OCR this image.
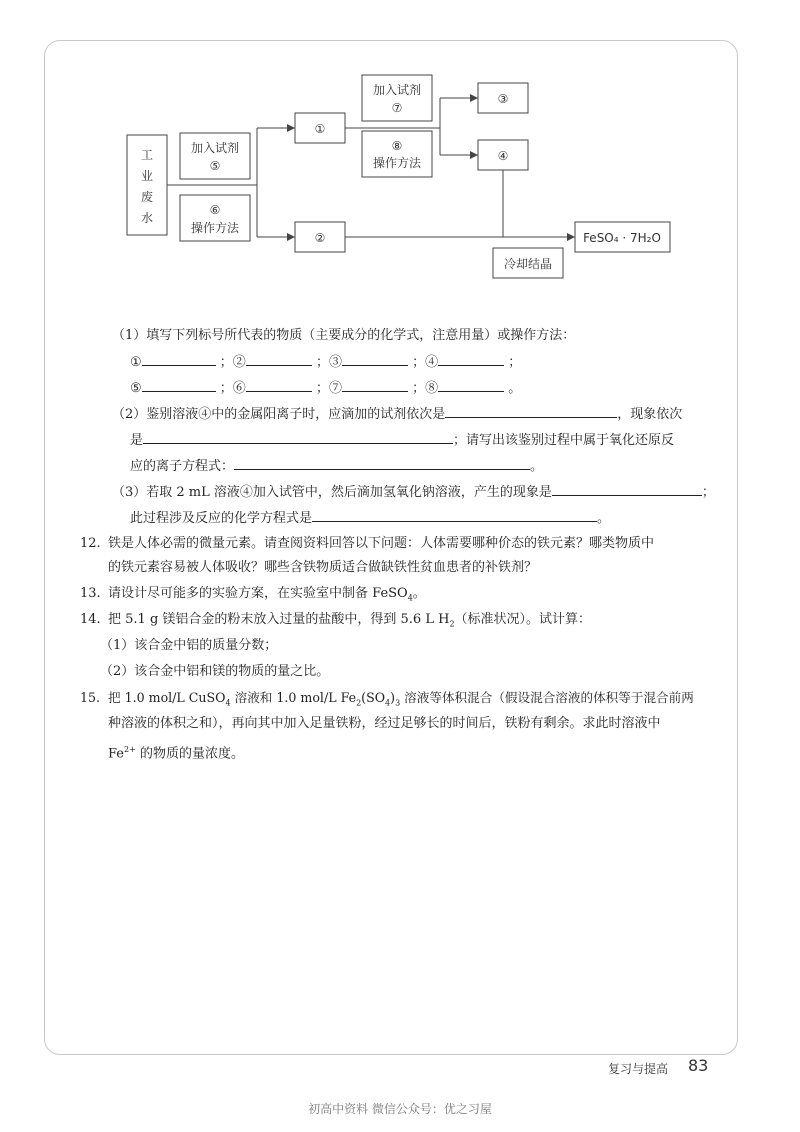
工
业
废
水
加入试剂
⑤
⑥
操作方法
①
②
加入试剂
⑦
⑧
操作方法
③
④
FeSO₄ · 7H₂O
冷却结晶
（1）填写下列标号所代表的物质（主要成分的化学式，注意用量）或操作方法：
①	；②	；③	；④	；
⑤	；⑥	；⑦	；⑧	。
（2）鉴别溶液④中的金属阳离子时，应滴加的试剂依次是	，现象依次
是	；请写出该鉴别过程中属于氧化还原反
应的离子方程式：	。
（3）若取 2 mL 溶液④加入试管中，然后滴加氢氧化钠溶液，产生的现象是	；
此过程涉及反应的化学方程式是	。
12. 铁是人体必需的微量元素。请查阅资料回答以下问题：人体需要哪种价态的铁元素？哪类物质中
的铁元素容易被人体吸收？哪些含铁物质适合做缺铁性贫血患者的补铁剂？
13. 请设计尽可能多的实验方案，在实验室中制备 FeSO$_4$。
14. 把 5.1 g 镁铝合金的粉末放入过量的盐酸中，得到 5.6 L $H_2$（标准状况）。试计算：
（1）该合金中铝的质量分数；
（2）该合金中铝和镁的物质的量之比。
15. 把 1.0 mol/L CuSO$_4$ 溶液和 1.0 mol/L $Fe_2(SO_4)_3$ 溶液等体积混合（假设混合溶液的体积等于混合前两
种溶液的体积之和），再向其中加入足量铁粉，经过足够长的时间后，铁粉有剩余。求此时溶液中
$Fe^{2+}$ 的物质的量浓度。
复习与提高 83
初高中资料 微信公众号：优之习屋
